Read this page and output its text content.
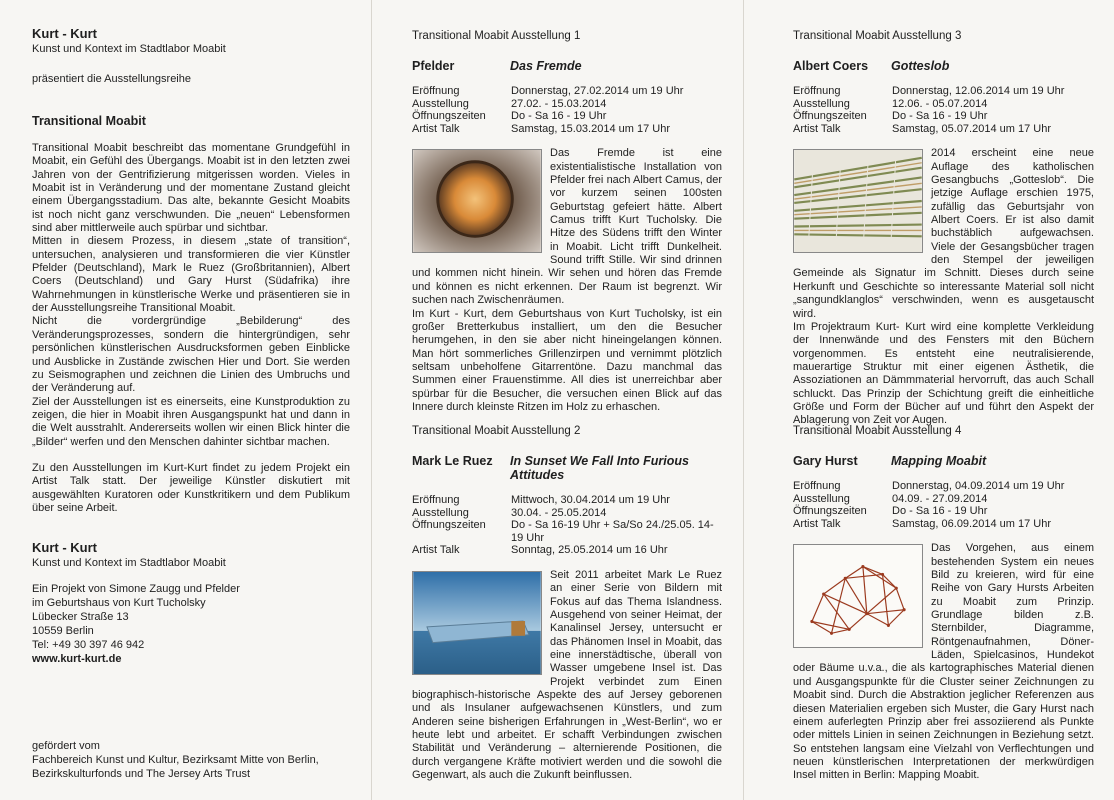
Kurt - Kurt

Kunst und Kontext im Stadtlabor Moabit

präsentiert die Ausstellungsreihe

Transitional Moabit

Transitional Moabit beschreibt das momentane Grundgefühl in Moabit, ein Gefühl des Übergangs. Moabit ist in den letzten zwei Jahren von der Gentrifizierung mitgerissen worden. Vieles in Moabit ist in Veränderung und der momentane Zustand gleicht einem Übergangsstadium. Das alte, bekannte Gesicht Moabits ist noch nicht ganz verschwunden. Die „neuen“ Lebensformen sind aber mittlerweile auch spürbar und sichtbar.
Mitten in diesem Prozess, in diesem „state of transition“, untersuchen, analysieren und transformieren die vier Künstler Pfelder (Deutschland), Mark le Ruez (Großbritannien), Albert Coers (Deutschland) und Gary Hurst (Südafrika) ihre Wahrnehmungen in künstlerische Werke und präsentieren sie in der Ausstellungsreihe Transitional Moabit.
Nicht die vordergründige „Bebilderung“ des Veränderungsprozesses, sondern die hintergründigen, sehr persönlichen künstlerischen Ausdrucksformen geben Einblicke und Ausblicke in Zustände zwischen Hier und Dort. Sie werden zu Seismographen und zeichnen die Linien des Umbruchs und der Veränderung auf.
Ziel der Ausstellungen ist es einerseits, eine Kunstproduktion zu zeigen, die hier in Moabit ihren Ausgangspunkt hat und dann in die Welt ausstrahlt. Andererseits wollen wir einen Blick hinter die „Bilder“ werfen und den Menschen dahinter sichtbar machen.

Zu den Ausstellungen im Kurt-Kurt findet zu jedem Projekt ein Artist Talk statt. Der jeweilige Künstler diskutiert mit ausgewählten Kuratoren oder Kunstkritikern und dem Publikum über seine Arbeit.

Kurt - Kurt

Kunst und Kontext im Stadtlabor Moabit

Ein Projekt von Simone Zaugg und Pfelder

im Geburtshaus von Kurt Tucholsky

Lübecker Straße 13

10559 Berlin

Tel: +49 30 397 46 942

www.kurt-kurt.de

gefördert vom

Fachbereich Kunst und Kultur, Bezirksamt Mitte von Berlin,

Bezirkskulturfonds und The Jersey Arts Trust

Transitional Moabit Ausstellung 1

Pfelder	Das Fremde
Eröffnung	Donnerstag, 27.02.2014 um 19 Uhr
Ausstellung	27.02. - 15.03.2014
Öffnungszeiten	Do - Sa 16 - 19 Uhr
Artist Talk	Samstag, 15.03.2014 um 17 Uhr

Das Fremde ist eine existentialistische Installation von Pfelder frei nach Albert Camus, der vor kurzem seinen 100sten Geburtstag gefeiert hätte. Albert Camus trifft Kurt Tucholsky. Die Hitze des Südens trifft den Winter in Moabit. Licht trifft Dunkelheit. Sound trifft Stille. Wir sind drinnen und kommen nicht hinein. Wir sehen und hören das Fremde und können es nicht erkennen. Der Raum ist begrenzt. Wir suchen nach Zwischenräumen.
Im Kurt - Kurt, dem Geburtshaus von Kurt Tucholsky, ist ein großer Bretterkubus installiert, um den die Besucher herumgehen, in den sie aber nicht hineingelangen können. Man hört sommerliches Grillenzirpen und vernimmt plötzlich seltsam unbeholfene Gitarrentöne. Dazu manchmal das Summen einer Frauenstimme. All dies ist unerreichbar aber spürbar für die Besucher, die versuchen einen Blick auf das Innere durch kleinste Ritzen im Holz zu erhaschen.

Transitional Moabit Ausstellung 2

Mark Le Ruez	In Sunset We Fall Into Furious Attitudes
Eröffnung	Mittwoch, 30.04.2014 um 19 Uhr
Ausstellung	30.04. - 25.05.2014
Öffnungszeiten	Do - Sa 16-19 Uhr + Sa/So 24./25.05. 14-19 Uhr
Artist Talk	Sonntag, 25.05.2014 um 16 Uhr

Seit 2011 arbeitet Mark Le Ruez an einer Serie von Bildern mit Fokus auf das Thema Islandness. Ausgehend von seiner Heimat, der Kanalinsel Jersey, untersucht er das Phänomen Insel in Moabit, das eine innerstädtische, überall von Wasser umgebene Insel ist. Das Projekt verbindet zum Einen biographisch-historische Aspekte des auf Jersey geborenen und als Insulaner aufgewachsenen Künstlers, und zum Anderen seine bisherigen Erfahrungen in „West-Berlin“, wo er heute lebt und arbeitet. Er schafft Verbindungen zwischen Stabilität und Veränderung – alternierende Positionen, die durch vergangene Kräfte motiviert werden und die sowohl die Gegenwart, als auch die Zukunft beinflussen.

Transitional Moabit Ausstellung 3

Albert Coers	Gotteslob
Eröffnung	Donnerstag, 12.06.2014 um 19 Uhr
Ausstellung	12.06. - 05.07.2014
Öffnungszeiten	Do - Sa 16 - 19 Uhr
Artist Talk	Samstag, 05.07.2014 um 17 Uhr

2014 erscheint eine neue Auflage des katholischen Gesangbuchs „Gotteslob“. Die jetzige Auflage erschien 1975, zufällig das Geburtsjahr von Albert Coers. Er ist also damit buchstäblich aufgewachsen. Viele der Gesangsbücher tragen den Stempel der jeweiligen Gemeinde als Signatur im Schnitt. Dieses durch seine Herkunft und Geschichte so interessante Material soll nicht „sangundklanglos“ verschwinden, wenn es ausgetauscht wird.
Im Projektraum Kurt- Kurt wird eine komplette Verkleidung der Innenwände und des Fensters mit den Büchern vorgenommen. Es entsteht eine neutralisierende, mauerartige Struktur mit einer eigenen Ästhetik, die Assoziationen an Dämmmaterial hervorruft, das auch Schall schluckt. Das Prinzip der Schichtung greift die einheitliche Größe und Form der Bücher auf und führt den Aspekt der Ablagerung von Zeit vor Augen.

Transitional Moabit Ausstellung 4

Gary Hurst	Mapping Moabit
Eröffnung	Donnerstag, 04.09.2014 um 19 Uhr
Ausstellung	04.09. - 27.09.2014
Öffnungszeiten	Do - Sa 16 - 19 Uhr
Artist Talk	Samstag, 06.09.2014 um 17 Uhr

Das Vorgehen, aus einem bestehenden System ein neues Bild zu kreieren, wird für eine Reihe von Gary Hursts Arbeiten zu Moabit zum Prinzip. Grundlage bilden z.B. Sternbilder, Diagramme, Röntgenaufnahmen, Döner-Läden, Spielcasinos, Hundekot oder Bäume u.v.a., die als kartographisches Material dienen und Ausgangspunkte für die Cluster seiner Zeichnungen zu Moabit sind. Durch die Abstraktion jeglicher Referenzen aus diesen Materialien ergeben sich Muster, die Gary Hurst nach einem auferlegten Prinzip aber frei assoziierend als Punkte oder mittels Linien in seinen Zeichnungen in Beziehung setzt. So entstehen langsam eine Vielzahl von Verflechtungen und neuen künstlerischen Interpretationen der merkwürdigen Insel mitten in Berlin: Mapping Moabit.
